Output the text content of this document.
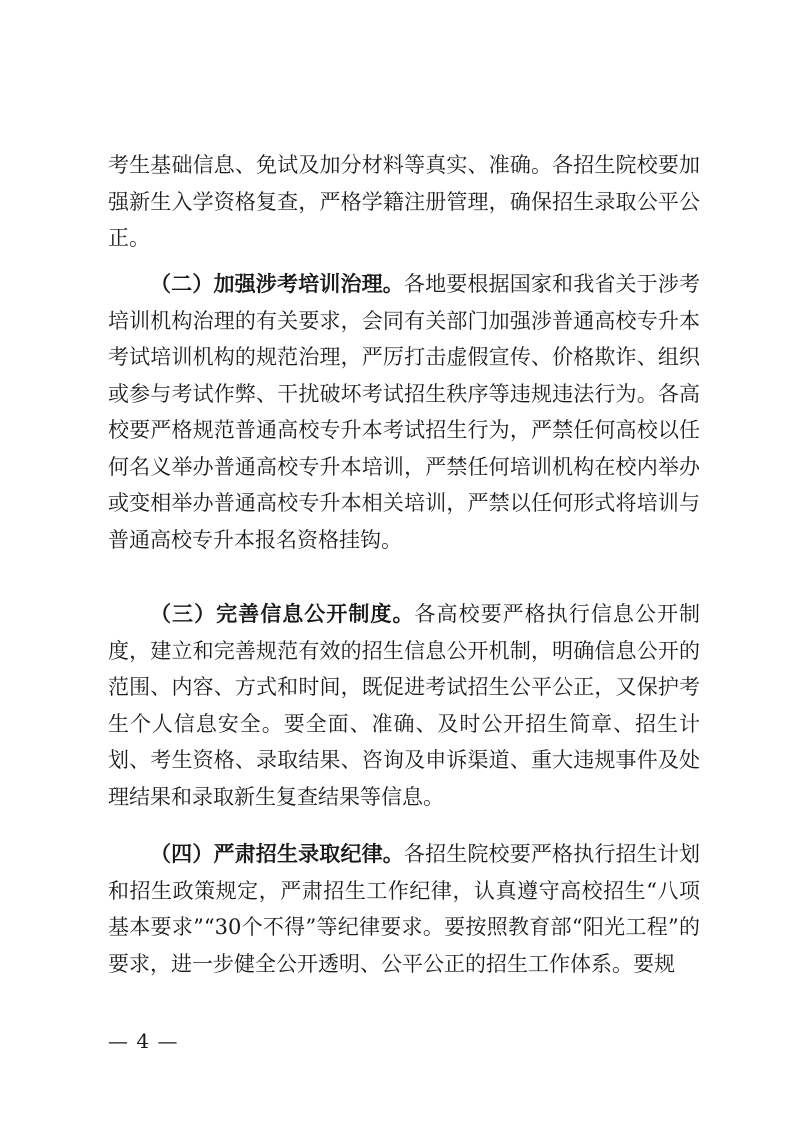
考生基础信息、免试及加分材料等真实、准确。各招生院校要加强新生入学资格复查，严格学籍注册管理，确保招生录取公平公正。

（二）加强涉考培训治理。各地要根据国家和我省关于涉考培训机构治理的有关要求，会同有关部门加强涉普通高校专升本考试培训机构的规范治理，严厉打击虚假宣传、价格欺诈、组织或参与考试作弊、干扰破坏考试招生秩序等违规违法行为。各高校要严格规范普通高校专升本考试招生行为，严禁任何高校以任何名义举办普通高校专升本培训，严禁任何培训机构在校内举办或变相举办普通高校专升本相关培训，严禁以任何形式将培训与普通高校专升本报名资格挂钩。

（三）完善信息公开制度。各高校要严格执行信息公开制度，建立和完善规范有效的招生信息公开机制，明确信息公开的范围、内容、方式和时间，既促进考试招生公平公正，又保护考生个人信息安全。要全面、准确、及时公开招生简章、招生计划、考生资格、录取结果、咨询及申诉渠道、重大违规事件及处理结果和录取新生复查结果等信息。

（四）严肃招生录取纪律。各招生院校要严格执行招生计划和招生政策规定，严肃招生工作纪律，认真遵守高校招生“八项基本要求”“30个不得”等纪律要求。要按照教育部“阳光工程”的要求，进一步健全公开透明、公平公正的招生工作体系。要规

— 4 —
